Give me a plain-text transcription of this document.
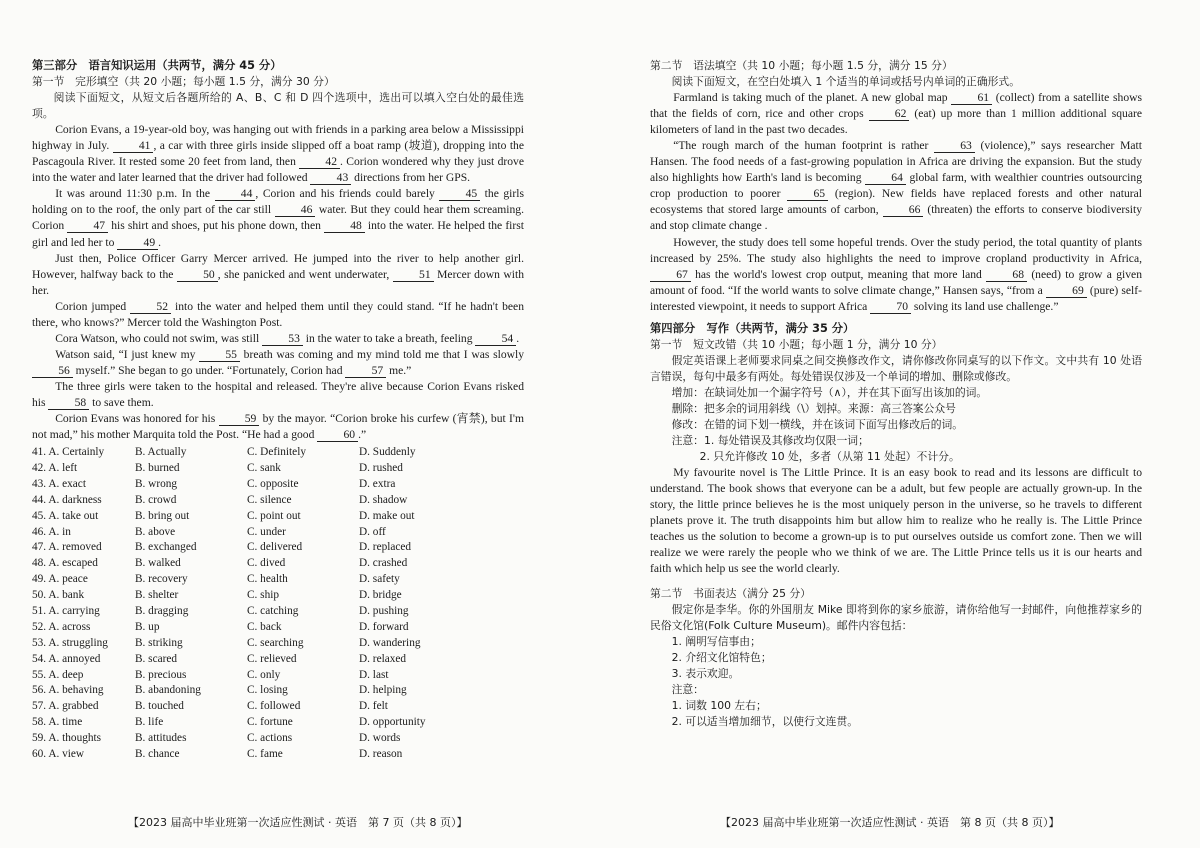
第三部分　语言知识运用（共两节，满分 45 分）

第一节　完形填空（共 20 小题；每小题 1.5 分，满分 30 分）

阅读下面短文，从短文后各题所给的 A、B、C 和 D 四个选项中，选出可以填入空白处的最佳选项。

Corion Evans, a 19-year-old boy, was hanging out with friends in a parking area below a Mississippi highway in July. 41 , a car with three girls inside slipped off a boat ramp (坡道), dropping into the Pascagoula River. It rested some 20 feet from land, then 42 . Corion wondered why they just drove into the water and later learned that the driver had followed 43 directions from her GPS.

It was around 11:30 p.m. In the 44 , Corion and his friends could barely 45 the girls holding on to the roof, the only part of the car still 46 water. But they could hear them screaming. Corion 47 his shirt and shoes, put his phone down, then 48 into the water. He helped the first girl and led her to 49 .

Just then, Police Officer Garry Mercer arrived. He jumped into the river to help another girl. However, halfway back to the 50 , she panicked and went underwater, 51 Mercer down with her.

Corion jumped 52 into the water and helped them until they could stand. “If he hadn't been there, who knows?” Mercer told the Washington Post.

Cora Watson, who could not swim, was still 53 in the water to take a breath, feeling 54 .

Watson said, “I just knew my 55 breath was coming and my mind told me that I was slowly 56 myself.” She began to go under. “Fortunately, Corion had 57 me.”

The three girls were taken to the hospital and released. They're alive because Corion Evans risked his 58 to save them.

Corion Evans was honored for his 59 by the mayor. “Corion broke his curfew (宵禁), but I'm not mad,” his mother Marquita told the Post. “He had a good 60 .”

41. A. Certainly	B. Actually	C. Definitely	D. Suddenly
42. A. left	B. burned	C. sank	D. rushed
43. A. exact	B. wrong	C. opposite	D. extra
44. A. darkness	B. crowd	C. silence	D. shadow
45. A. take out	B. bring out	C. point out	D. make out
46. A. in	B. above	C. under	D. off
47. A. removed	B. exchanged	C. delivered	D. replaced
48. A. escaped	B. walked	C. dived	D. crashed
49. A. peace	B. recovery	C. health	D. safety
50. A. bank	B. shelter	C. ship	D. bridge
51. A. carrying	B. dragging	C. catching	D. pushing
52. A. across	B. up	C. back	D. forward
53. A. struggling	B. striking	C. searching	D. wandering
54. A. annoyed	B. scared	C. relieved	D. relaxed
55. A. deep	B. precious	C. only	D. last
56. A. behaving	B. abandoning	C. losing	D. helping
57. A. grabbed	B. touched	C. followed	D. felt
58. A. time	B. life	C. fortune	D. opportunity
59. A. thoughts	B. attitudes	C. actions	D. words
60. A. view	B. chance	C. fame	D. reason
【2023 届高中毕业班第一次适应性测试 · 英语　第 7 页（共 8 页）】

第二节　语法填空（共 10 小题；每小题 1.5 分，满分 15 分）

阅读下面短文，在空白处填入 1 个适当的单词或括号内单词的正确形式。

Farmland is taking much of the planet. A new global map 61 (collect) from a satellite shows that the fields of corn, rice and other crops 62 (eat) up more than 1 million additional square kilometers of land in the past two decades.

“The rough march of the human footprint is rather 63 (violence),” says researcher Matt Hansen. The food needs of a fast-growing population in Africa are driving the expansion. But the study also highlights how Earth's land is becoming 64 global farm, with wealthier countries outsourcing crop production to poorer 65 (region). New fields have replaced forests and other natural ecosystems that stored large amounts of carbon, 66 (threaten) the efforts to conserve biodiversity and stop climate change .

However, the study does tell some hopeful trends. Over the study period, the total quantity of plants increased by 25%. The study also highlights the need to improve cropland productivity in Africa, 67 has the world's lowest crop output, meaning that more land 68 (need) to grow a given amount of food. “If the world wants to solve climate change,” Hansen says, “from a 69 (pure) self-interested viewpoint, it needs to support Africa 70 solving its land use challenge.”

第四部分　写作（共两节，满分 35 分）

第一节　短文改错（共 10 小题；每小题 1 分，满分 10 分）

假定英语课上老师要求同桌之间交换修改作文，请你修改你同桌写的以下作文。文中共有 10 处语言错误，每句中最多有两处。每处错误仅涉及一个单词的增加、删除或修改。

增加：在缺词处加一个漏字符号（∧），并在其下面写出该加的词。

删除：把多余的词用斜线（\）划掉。来源：高三答案公众号

修改：在错的词下划一横线，并在该词下面写出修改后的词。

注意：1. 每处错误及其修改均仅限一词；

2. 只允许修改 10 处，多者（从第 11 处起）不计分。

My favourite novel is The Little Prince. It is an easy book to read and its lessons are difficult to understand. The book shows that everyone can be a adult, but few people are actually grown-up. In the story, the little prince believes he is the most uniquely person in the universe, so he travels to different planets prove it. The truth disappoints him but allow him to realize who he really is. The Little Prince teaches us the solution to become a grown-up is to put ourselves outside us comfort zone. Then we will realize we were rarely the people who we think of we are. The Little Prince tells us it is our hearts and faith which help us see the world clearly.

第二节　书面表达（满分 25 分）

假定你是李华。你的外国朋友 Mike 即将到你的家乡旅游，请你给他写一封邮件，向他推荐家乡的民俗文化馆(Folk Culture Museum)。邮件内容包括：

1. 阐明写信事由；

2. 介绍文化馆特色；

3. 表示欢迎。

注意：

1. 词数 100 左右；

2. 可以适当增加细节，以使行文连贯。

【2023 届高中毕业班第一次适应性测试 · 英语　第 8 页（共 8 页）】
